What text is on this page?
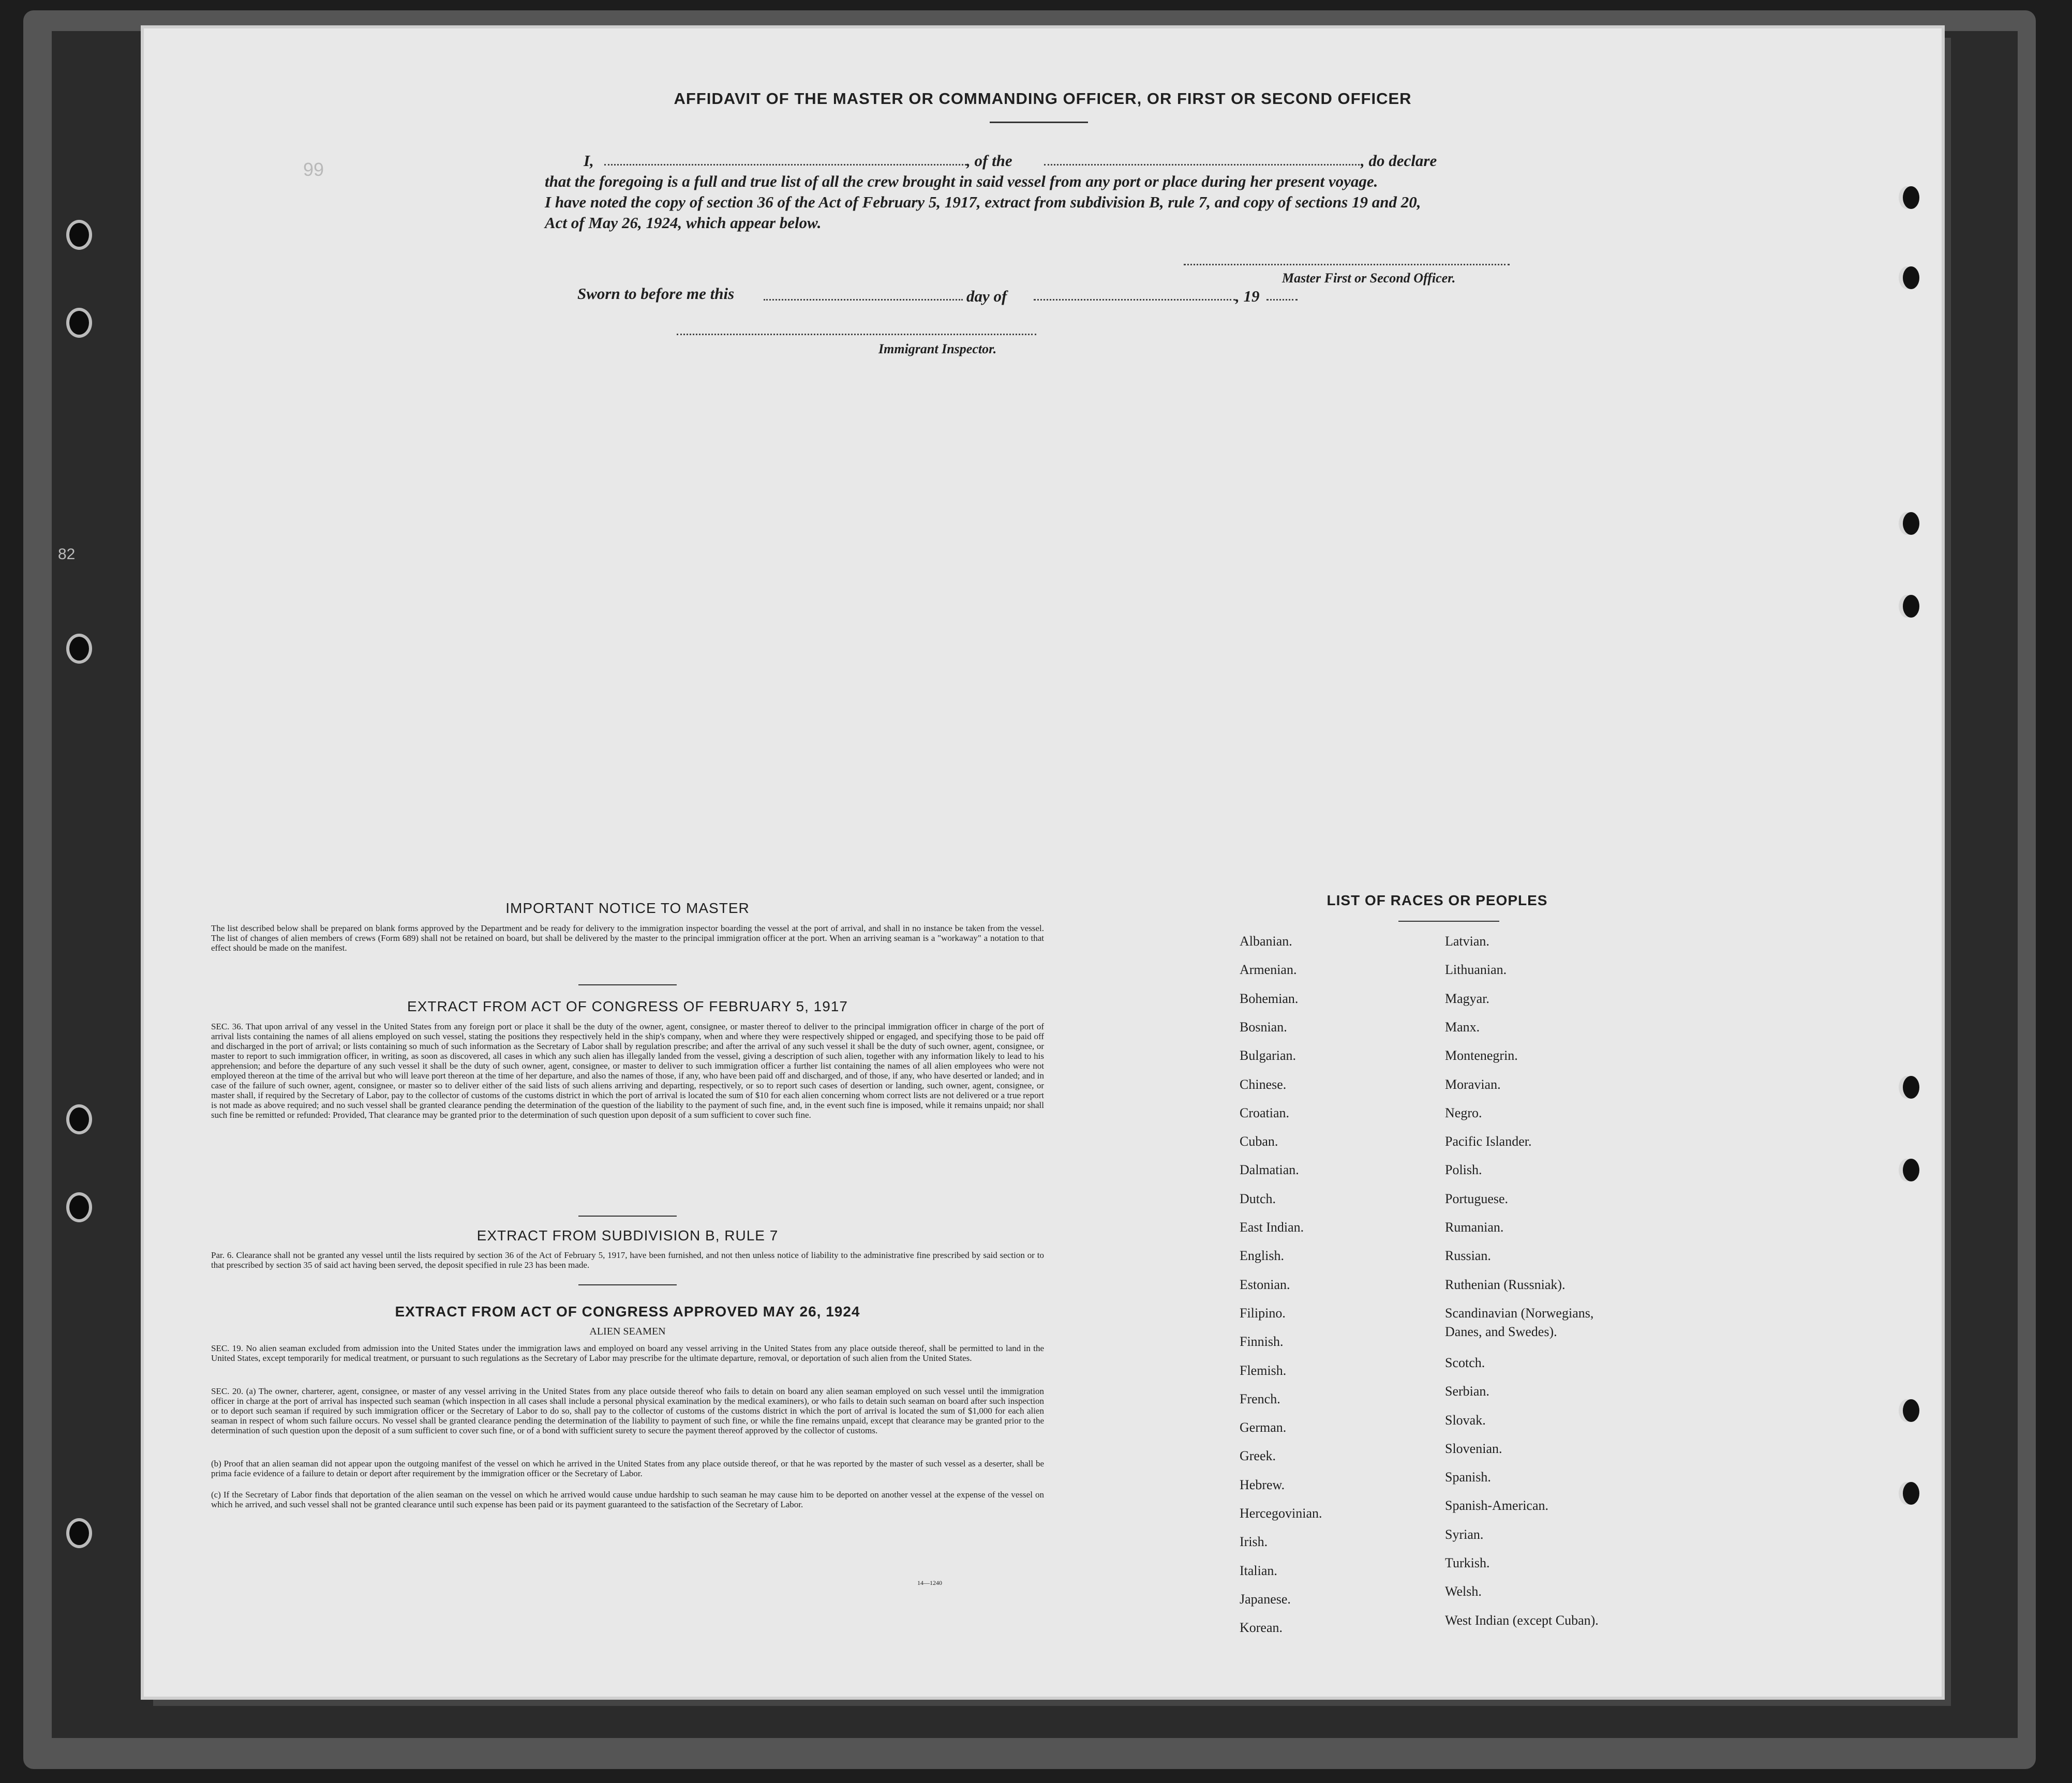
82
99
AFFIDAVIT OF THE MASTER OR COMMANDING OFFICER, OR FIRST OR SECOND OFFICER
I,	, of the	, do declare
that the foregoing is a full and true list of all the crew brought in said vessel from any port or place during her present voyage.
I have noted the copy of section 36 of the Act of February 5, 1917, extract from subdivision B, rule 7, and copy of sections 19 and 20,
Act of May 26, 1924, which appear below.
Master First or Second Officer.
Sworn to before me this	day of	, 19
Immigrant Inspector.
IMPORTANT NOTICE TO MASTER
The list described below shall be prepared on blank forms approved by the Department and be ready for delivery to the immigration inspector boarding the vessel at the port of arrival, and shall in no instance be taken from the vessel. The list of changes of alien members of crews (Form 689) shall not be retained on board, but shall be delivered by the master to the principal immigration officer at the port. When an arriving seaman is a "workaway" a notation to that effect should be made on the manifest.
EXTRACT FROM ACT OF CONGRESS OF FEBRUARY 5, 1917
SEC. 36. That upon arrival of any vessel in the United States from any foreign port or place it shall be the duty of the owner, agent, consignee, or master thereof to deliver to the principal immigration officer in charge of the port of arrival lists containing the names of all aliens employed on such vessel, stating the positions they respectively held in the ship's company, when and where they were respectively shipped or engaged, and specifying those to be paid off and discharged in the port of arrival; or lists containing so much of such information as the Secretary of Labor shall by regulation prescribe; and after the arrival of any such vessel it shall be the duty of such owner, agent, consignee, or master to report to such immigration officer, in writing, as soon as discovered, all cases in which any such alien has illegally landed from the vessel, giving a description of such alien, together with any information likely to lead to his apprehension; and before the departure of any such vessel it shall be the duty of such owner, agent, consignee, or master to deliver to such immigration officer a further list containing the names of all alien employees who were not employed thereon at the time of the arrival but who will leave port thereon at the time of her departure, and also the names of those, if any, who have been paid off and discharged, and of those, if any, who have deserted or landed; and in case of the failure of such owner, agent, consignee, or master so to deliver either of the said lists of such aliens arriving and departing, respectively, or so to report such cases of desertion or landing, such owner, agent, consignee, or master shall, if required by the Secretary of Labor, pay to the collector of customs of the customs district in which the port of arrival is located the sum of $10 for each alien concerning whom correct lists are not delivered or a true report is not made as above required; and no such vessel shall be granted clearance pending the determination of the question of the liability to the payment of such fine, and, in the event such fine is imposed, while it remains unpaid; nor shall such fine be remitted or refunded: Provided, That clearance may be granted prior to the determination of such question upon deposit of a sum sufficient to cover such fine.
EXTRACT FROM SUBDIVISION B, RULE 7
Par. 6. Clearance shall not be granted any vessel until the lists required by section 36 of the Act of February 5, 1917, have been furnished, and not then unless notice of liability to the administrative fine prescribed by said section or to that prescribed by section 35 of said act having been served, the deposit specified in rule 23 has been made.
EXTRACT FROM ACT OF CONGRESS APPROVED MAY 26, 1924
ALIEN SEAMEN
SEC. 19. No alien seaman excluded from admission into the United States under the immigration laws and employed on board any vessel arriving in the United States from any place outside thereof, shall be permitted to land in the United States, except temporarily for medical treatment, or pursuant to such regulations as the Secretary of Labor may prescribe for the ultimate departure, removal, or deportation of such alien from the United States.
SEC. 20. (a) The owner, charterer, agent, consignee, or master of any vessel arriving in the United States from any place outside thereof who fails to detain on board any alien seaman employed on such vessel until the immigration officer in charge at the port of arrival has inspected such seaman (which inspection in all cases shall include a personal physical examination by the medical examiners), or who fails to detain such seaman on board after such inspection or to deport such seaman if required by such immigration officer or the Secretary of Labor to do so, shall pay to the collector of customs of the customs district in which the port of arrival is located the sum of $1,000 for each alien seaman in respect of whom such failure occurs. No vessel shall be granted clearance pending the determination of the liability to payment of such fine, or while the fine remains unpaid, except that clearance may be granted prior to the determination of such question upon the deposit of a sum sufficient to cover such fine, or of a bond with sufficient surety to secure the payment thereof approved by the collector of customs.
(b) Proof that an alien seaman did not appear upon the outgoing manifest of the vessel on which he arrived in the United States from any place outside thereof, or that he was reported by the master of such vessel as a deserter, shall be prima facie evidence of a failure to detain or deport after requirement by the immigration officer or the Secretary of Labor.
(c) If the Secretary of Labor finds that deportation of the alien seaman on the vessel on which he arrived would cause undue hardship to such seaman he may cause him to be deported on another vessel at the expense of the vessel on which he arrived, and such vessel shall not be granted clearance until such expense has been paid or its payment guaranteed to the satisfaction of the Secretary of Labor.
14—1240
LIST OF RACES OR PEOPLES
Albanian.
Armenian.
Bohemian.
Bosnian.
Bulgarian.
Chinese.
Croatian.
Cuban.
Dalmatian.
Dutch.
East Indian.
English.
Estonian.
Filipino.
Finnish.
Flemish.
French.
German.
Greek.
Hebrew.
Hercegovinian.
Irish.
Italian.
Japanese.
Korean.
Latvian.
Lithuanian.
Magyar.
Manx.
Montenegrin.
Moravian.
Negro.
Pacific Islander.
Polish.
Portuguese.
Rumanian.
Russian.
Ruthenian (Russniak).
Scandinavian (Norwegians,
Danes, and Swedes).
Scotch.
Serbian.
Slovak.
Slovenian.
Spanish.
Spanish-American.
Syrian.
Turkish.
Welsh.
West Indian (except Cuban).
